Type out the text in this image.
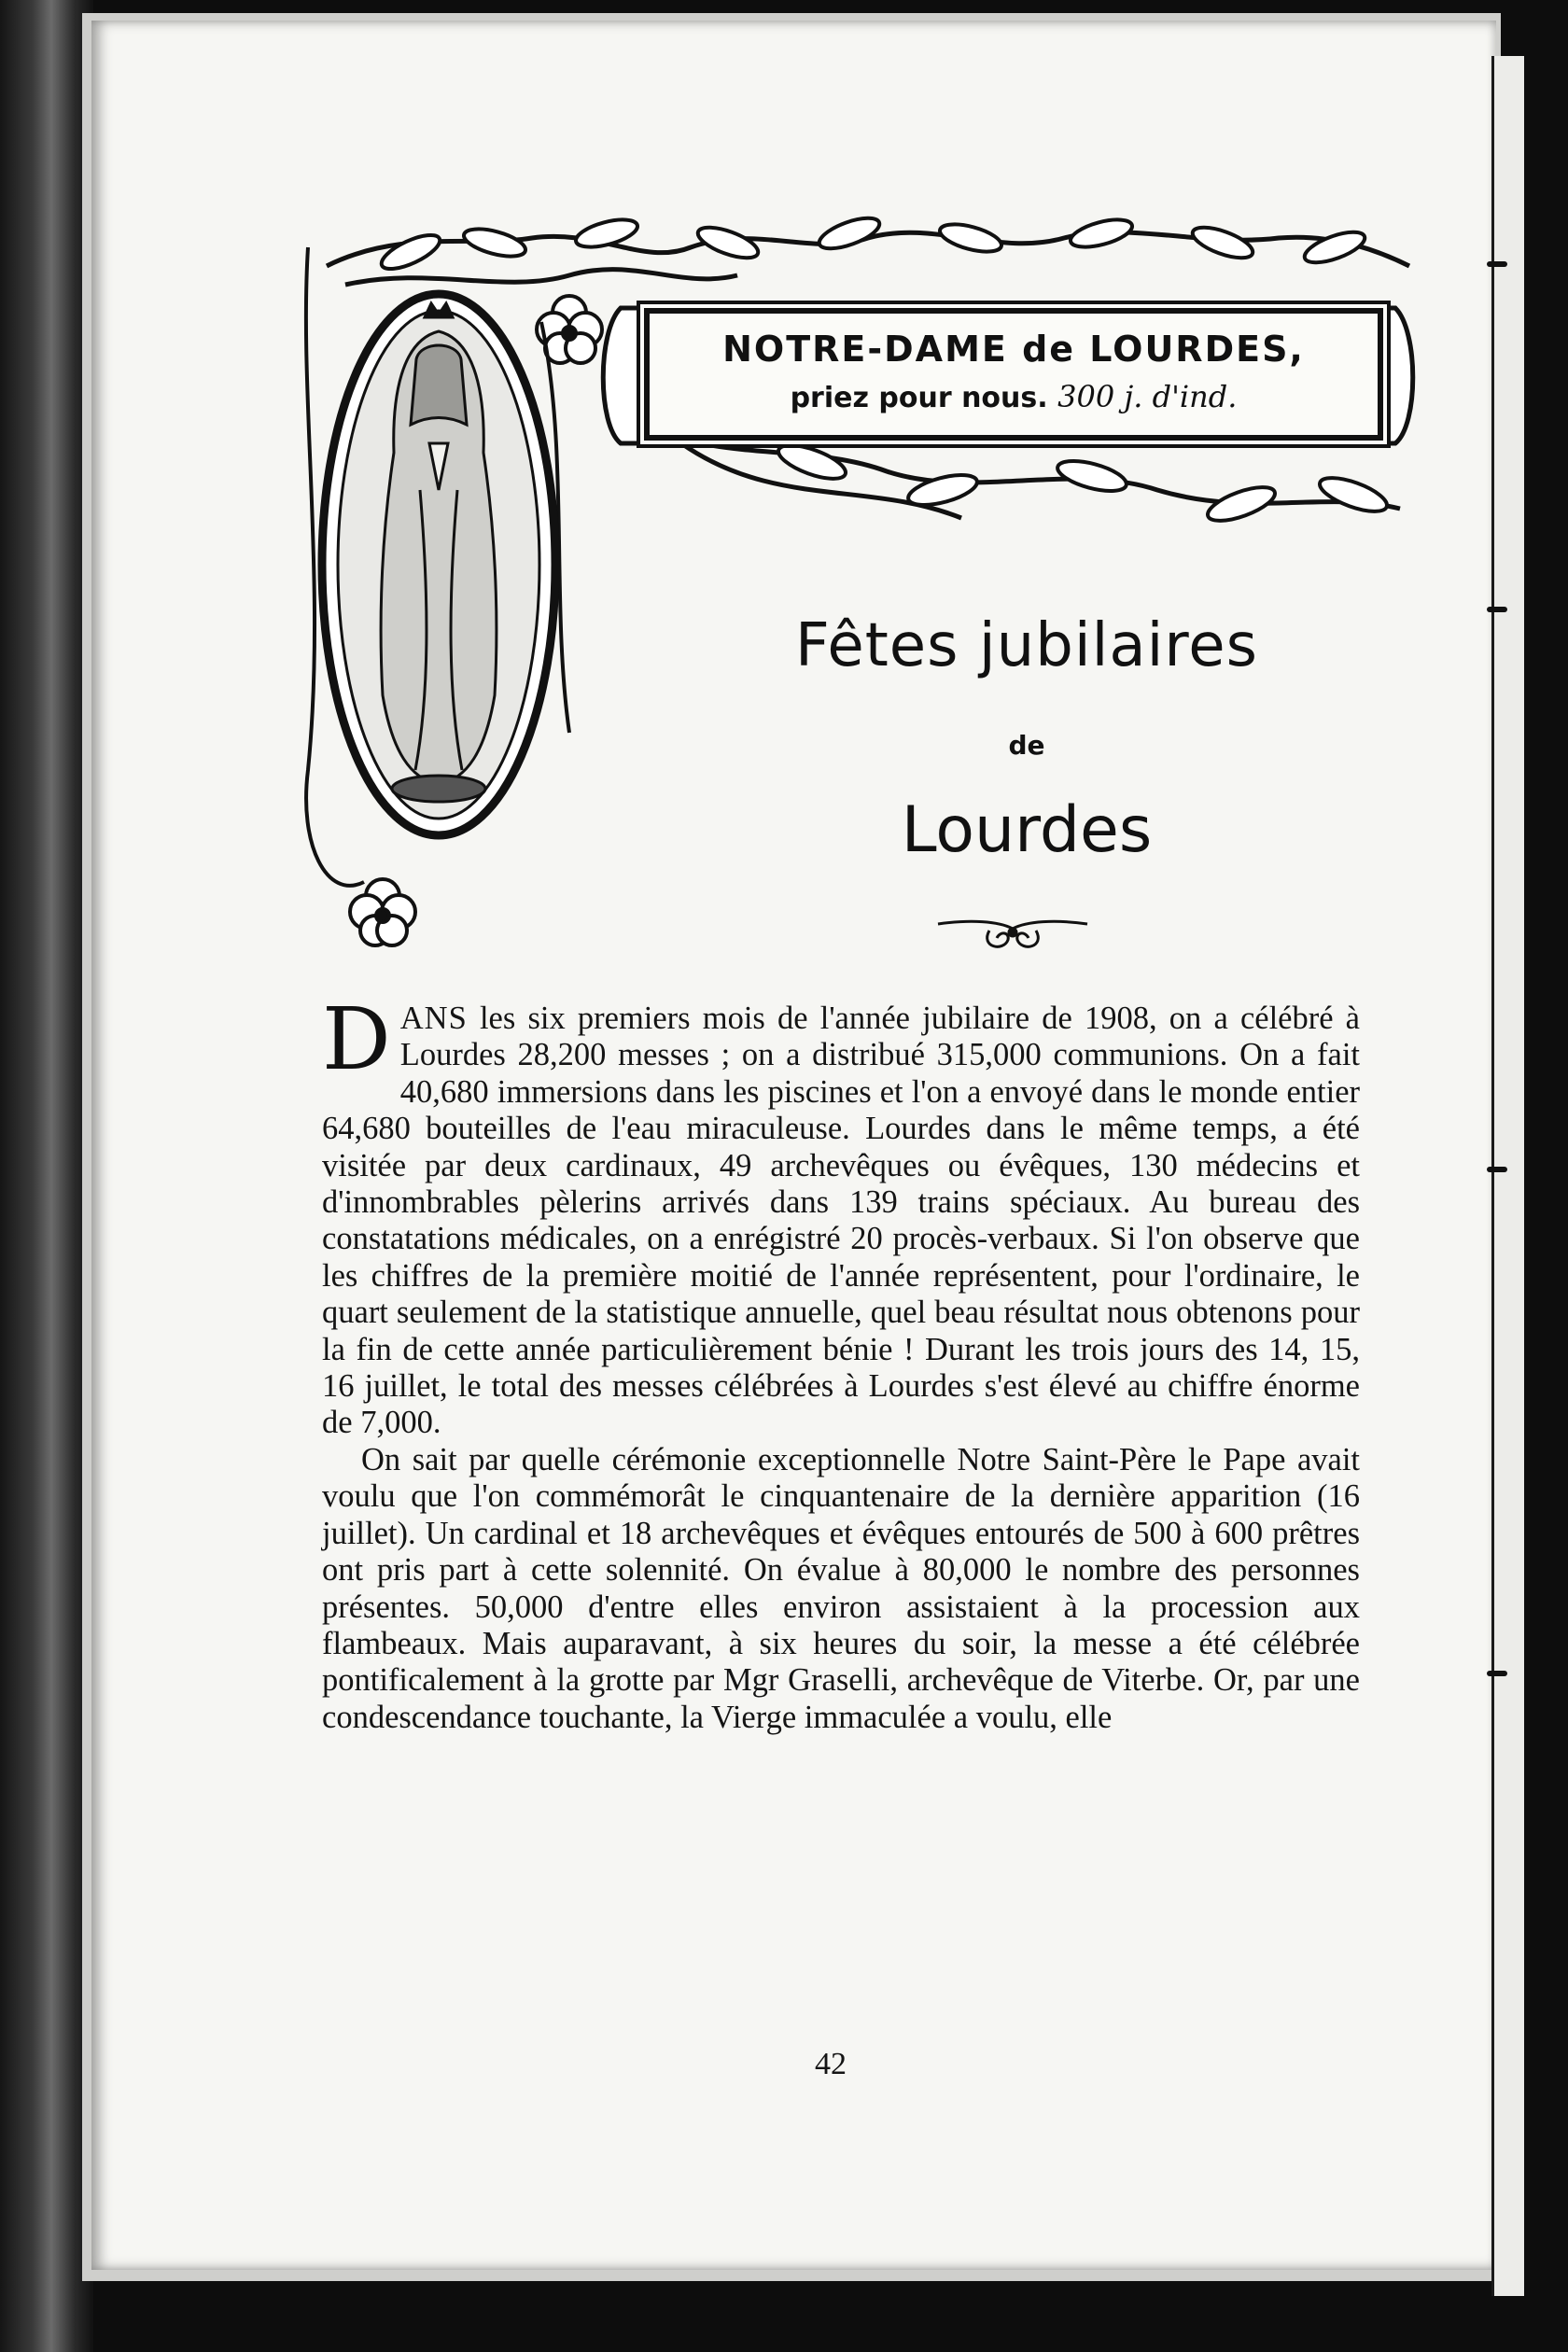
NOTRE-DAME de LOURDES,
priez pour nous. 300 j. d'ind.
Fêtes jubilaires
de
Lourdes

DANS les six premiers mois de l'année jubilaire de 1908, on a célébré à Lourdes 28,200 messes ; on a distribué 315,000 communions. On a fait 40,680 immersions dans les piscines et l'on a envoyé dans le monde entier 64,680 bouteilles de l'eau miraculeuse. Lourdes dans le même temps, a été visitée par deux cardinaux, 49 archevêques ou évêques, 130 médecins et d'innombrables pèlerins arrivés dans 139 trains spéciaux. Au bureau des constatations médicales, on a enrégistré 20 procès-verbaux. Si l'on observe que les chiffres de la première moitié de l'année représentent, pour l'ordinaire, le quart seulement de la statistique annuelle, quel beau résultat nous obtenons pour la fin de cette année particulièrement bénie ! Durant les trois jours des 14, 15, 16 juillet, le total des messes célébrées à Lourdes s'est élevé au chiffre énorme de 7,000.

On sait par quelle cérémonie exceptionnelle Notre Saint-Père le Pape avait voulu que l'on commémorât le cinquantenaire de la dernière apparition (16 juillet). Un cardinal et 18 archevêques et évêques entourés de 500 à 600 prêtres ont pris part à cette solennité. On évalue à 80,000 le nombre des personnes présentes. 50,000 d'entre elles environ assistaient à la procession aux flambeaux. Mais auparavant, à six heures du soir, la messe a été célébrée pontificalement à la grotte par Mgr Graselli, archevêque de Viterbe. Or, par une condescendance touchante, la Vierge immaculée a voulu, elle

42
